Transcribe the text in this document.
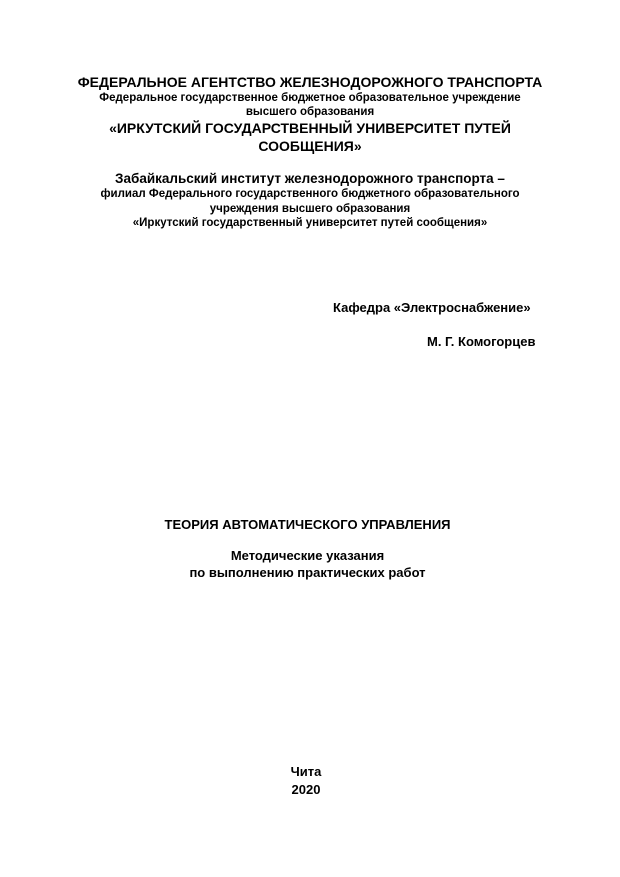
ФЕДЕРАЛЬНОЕ АГЕНТСТВО ЖЕЛЕЗНОДОРОЖНОГО ТРАНСПОРТА
Федеральное государственное бюджетное образовательное учреждение
высшего образования
«ИРКУТСКИЙ ГОСУДАРСТВЕННЫЙ УНИВЕРСИТЕТ ПУТЕЙ
СООБЩЕНИЯ»
Забайкальский институт железнодорожного транспорта –
филиал Федерального государственного бюджетного образовательного
учреждения высшего образования
«Иркутский государственный университет путей сообщения»
Кафедра «Электроснабжение»
М. Г. Комогорцев
ТЕОРИЯ АВТОМАТИЧЕСКОГО УПРАВЛЕНИЯ
Методические указания
по выполнению практических работ
Чита
2020
